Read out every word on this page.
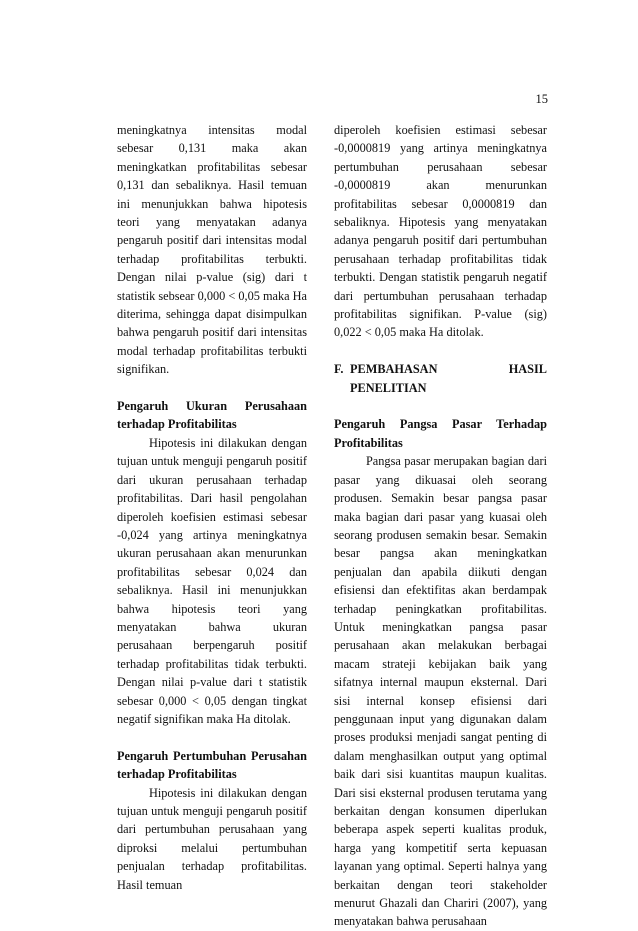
15

meningkatnya intensitas modal sebesar 0,131 maka akan meningkatkan profitabilitas sebesar 0,131 dan sebaliknya. Hasil temuan ini menunjukkan bahwa hipotesis teori yang menyatakan adanya pengaruh positif dari intensitas modal terhadap profitabilitas terbukti. Dengan nilai p-value (sig) dari t statistik sebsear 0,000 < 0,05 maka Ha diterima, sehingga dapat disimpulkan bahwa pengaruh positif dari intensitas modal terhadap profitabilitas terbukti signifikan.

Pengaruh Ukuran Perusahaan terhadap Profitabilitas

Hipotesis ini dilakukan dengan tujuan untuk menguji pengaruh positif dari ukuran perusahaan terhadap profitabilitas. Dari hasil pengolahan diperoleh koefisien estimasi sebesar -0,024 yang artinya meningkatnya ukuran perusahaan akan menurunkan profitabilitas sebesar 0,024 dan sebaliknya. Hasil ini menunjukkan bahwa hipotesis teori yang menyatakan bahwa ukuran perusahaan berpengaruh positif terhadap profitabilitas tidak terbukti. Dengan nilai p-value dari t statistik sebesar 0,000 < 0,05 dengan tingkat negatif signifikan maka Ha ditolak.

Pengaruh Pertumbuhan Perusahan terhadap Profitabilitas

Hipotesis ini dilakukan dengan tujuan untuk menguji pengaruh positif dari pertumbuhan perusahaan yang diproksi melalui pertumbuhan penjualan terhadap profitabilitas. Hasil temuan

diperoleh koefisien estimasi sebesar -0,0000819 yang artinya meningkatnya pertumbuhan perusahaan sebesar -0,0000819 akan menurunkan profitabilitas sebesar 0,0000819 dan sebaliknya. Hipotesis yang menyatakan adanya pengaruh positif dari pertumbuhan perusahaan terhadap profitabilitas tidak terbukti. Dengan statistik pengaruh negatif dari pertumbuhan perusahaan terhadap profitabilitas signifikan. P-value (sig) 0,022 < 0,05 maka Ha ditolak.

F. PEMBAHASAN	HASIL
PENELITIAN
Pengaruh Pangsa Pasar Terhadap Profitabilitas

Pangsa pasar merupakan bagian dari pasar yang dikuasai oleh seorang produsen. Semakin besar pangsa pasar maka bagian dari pasar yang kuasai oleh seorang produsen semakin besar. Semakin besar pangsa akan meningkatkan penjualan dan apabila diikuti dengan efisiensi dan efektifitas akan berdampak terhadap peningkatkan profitabilitas. Untuk meningkatkan pangsa pasar perusahaan akan melakukan berbagai macam strateji kebijakan baik yang sifatnya internal maupun eksternal. Dari sisi internal konsep efisiensi dari penggunaan input yang digunakan dalam proses produksi menjadi sangat penting di dalam menghasilkan output yang optimal baik dari sisi kuantitas maupun kualitas. Dari sisi eksternal produsen terutama yang berkaitan dengan konsumen diperlukan beberapa aspek seperti kualitas produk, harga yang kompetitif serta kepuasan layanan yang optimal. Seperti halnya yang berkaitan dengan teori stakeholder menurut Ghazali dan Chariri (2007), yang menyatakan bahwa perusahaan
